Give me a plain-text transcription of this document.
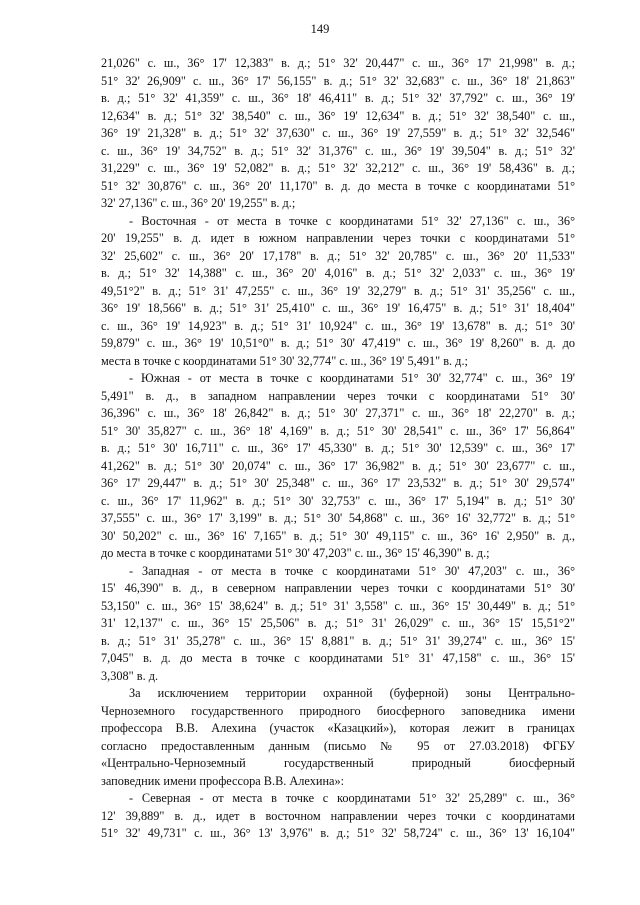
149

21,026" с. ш., 36° 17' 12,383" в. д.; 51° 32' 20,447" с. ш., 36° 17' 21,998" в. д.;

51° 32' 26,909" с. ш., 36° 17' 56,155" в. д.; 51° 32' 32,683" с. ш., 36° 18' 21,863"

в. д.; 51° 32' 41,359" с. ш., 36° 18' 46,411" в. д.; 51° 32' 37,792" с. ш., 36° 19'

12,634" в. д.; 51° 32' 38,540" с. ш., 36° 19' 12,634" в. д.; 51° 32' 38,540" с. ш.,

36° 19' 21,328" в. д.; 51° 32' 37,630" с. ш., 36° 19' 27,559" в. д.; 51° 32' 32,546"

с. ш., 36° 19' 34,752" в. д.; 51° 32' 31,376" с. ш., 36° 19' 39,504" в. д.; 51° 32'

31,229" с. ш., 36° 19' 52,082" в. д.; 51° 32' 32,212" с. ш., 36° 19' 58,436" в. д.;

51° 32' 30,876" с. ш., 36° 20' 11,170" в. д. до места в точке с координатами 51°

32' 27,136" с. ш., 36° 20' 19,255" в. д.;

- Восточная - от места в точке с координатами 51° 32' 27,136" с. ш., 36°

20' 19,255" в. д. идет в южном направлении через точки с координатами 51°

32' 25,602" с. ш., 36° 20' 17,178" в. д.; 51° 32' 20,785" с. ш., 36° 20' 11,533"

в. д.; 51° 32' 14,388" с. ш., 36° 20' 4,016" в. д.; 51° 32' 2,033" с. ш., 36° 19'

49,51°2" в. д.; 51° 31' 47,255" с. ш., 36° 19' 32,279" в. д.; 51° 31' 35,256" с. ш.,

36° 19' 18,566" в. д.; 51° 31' 25,410" с. ш., 36° 19' 16,475" в. д.; 51° 31' 18,404"

с. ш., 36° 19' 14,923" в. д.; 51° 31' 10,924" с. ш., 36° 19' 13,678" в. д.; 51° 30'

59,879" с. ш., 36° 19' 10,51°0" в. д.; 51° 30' 47,419" с. ш., 36° 19' 8,260" в. д. до

места в точке с координатами 51° 30' 32,774" с. ш., 36° 19' 5,491" в. д.;

- Южная - от места в точке с координатами 51° 30' 32,774" с. ш., 36° 19'

5,491" в. д., в западном направлении через точки с координатами 51° 30'

36,396" с. ш., 36° 18' 26,842" в. д.; 51° 30' 27,371" с. ш., 36° 18' 22,270" в. д.;

51° 30' 35,827" с. ш., 36° 18' 4,169" в. д.; 51° 30' 28,541" с. ш., 36° 17' 56,864"

в. д.; 51° 30' 16,711" с. ш., 36° 17' 45,330" в. д.; 51° 30' 12,539" с. ш., 36° 17'

41,262" в. д.; 51° 30' 20,074" с. ш., 36° 17' 36,982" в. д.; 51° 30' 23,677" с. ш.,

36° 17' 29,447" в. д.; 51° 30' 25,348" с. ш., 36° 17' 23,532" в. д.; 51° 30' 29,574"

с. ш., 36° 17' 11,962" в. д.; 51° 30' 32,753" с. ш., 36° 17' 5,194" в. д.; 51° 30'

37,555" с. ш., 36° 17' 3,199" в. д.; 51° 30' 54,868" с. ш., 36° 16' 32,772" в. д.; 51°

30' 50,202" с. ш., 36° 16' 7,165" в. д.; 51° 30' 49,115" с. ш., 36° 16' 2,950" в. д.,

до места в точке с координатами 51° 30' 47,203" с. ш., 36° 15' 46,390" в. д.;

- Западная - от места в точке с координатами 51° 30' 47,203" с. ш., 36°

15' 46,390" в. д., в северном направлении через точки с координатами 51° 30'

53,150" с. ш., 36° 15' 38,624" в. д.; 51° 31' 3,558" с. ш., 36° 15' 30,449" в. д.; 51°

31' 12,137" с. ш., 36° 15' 25,506" в. д.; 51° 31' 26,029" с. ш., 36° 15' 15,51°2"

в. д.; 51° 31' 35,278" с. ш., 36° 15' 8,881" в. д.; 51° 31' 39,274" с. ш., 36° 15'

7,045" в. д. до места в точке с координатами 51° 31' 47,158" с. ш., 36° 15'

3,308" в. д.

За исключением территории охранной (буферной) зоны Центрально-

Черноземного государственного природного биосферного заповедника имени

профессора В.В. Алехина (участок «Казацкий»), которая лежит в границах

согласно предоставленным данным (письмо № 95 от 27.03.2018) ФГБУ

«Центрально-Черноземный государственный природный биосферный

заповедник имени профессора В.В. Алехина»:

- Северная - от места в точке с координатами 51° 32' 25,289" с. ш., 36°

12' 39,889" в. д., идет в восточном направлении через точки с координатами

51° 32' 49,731" с. ш., 36° 13' 3,976" в. д.; 51° 32' 58,724" с. ш., 36° 13' 16,104"
